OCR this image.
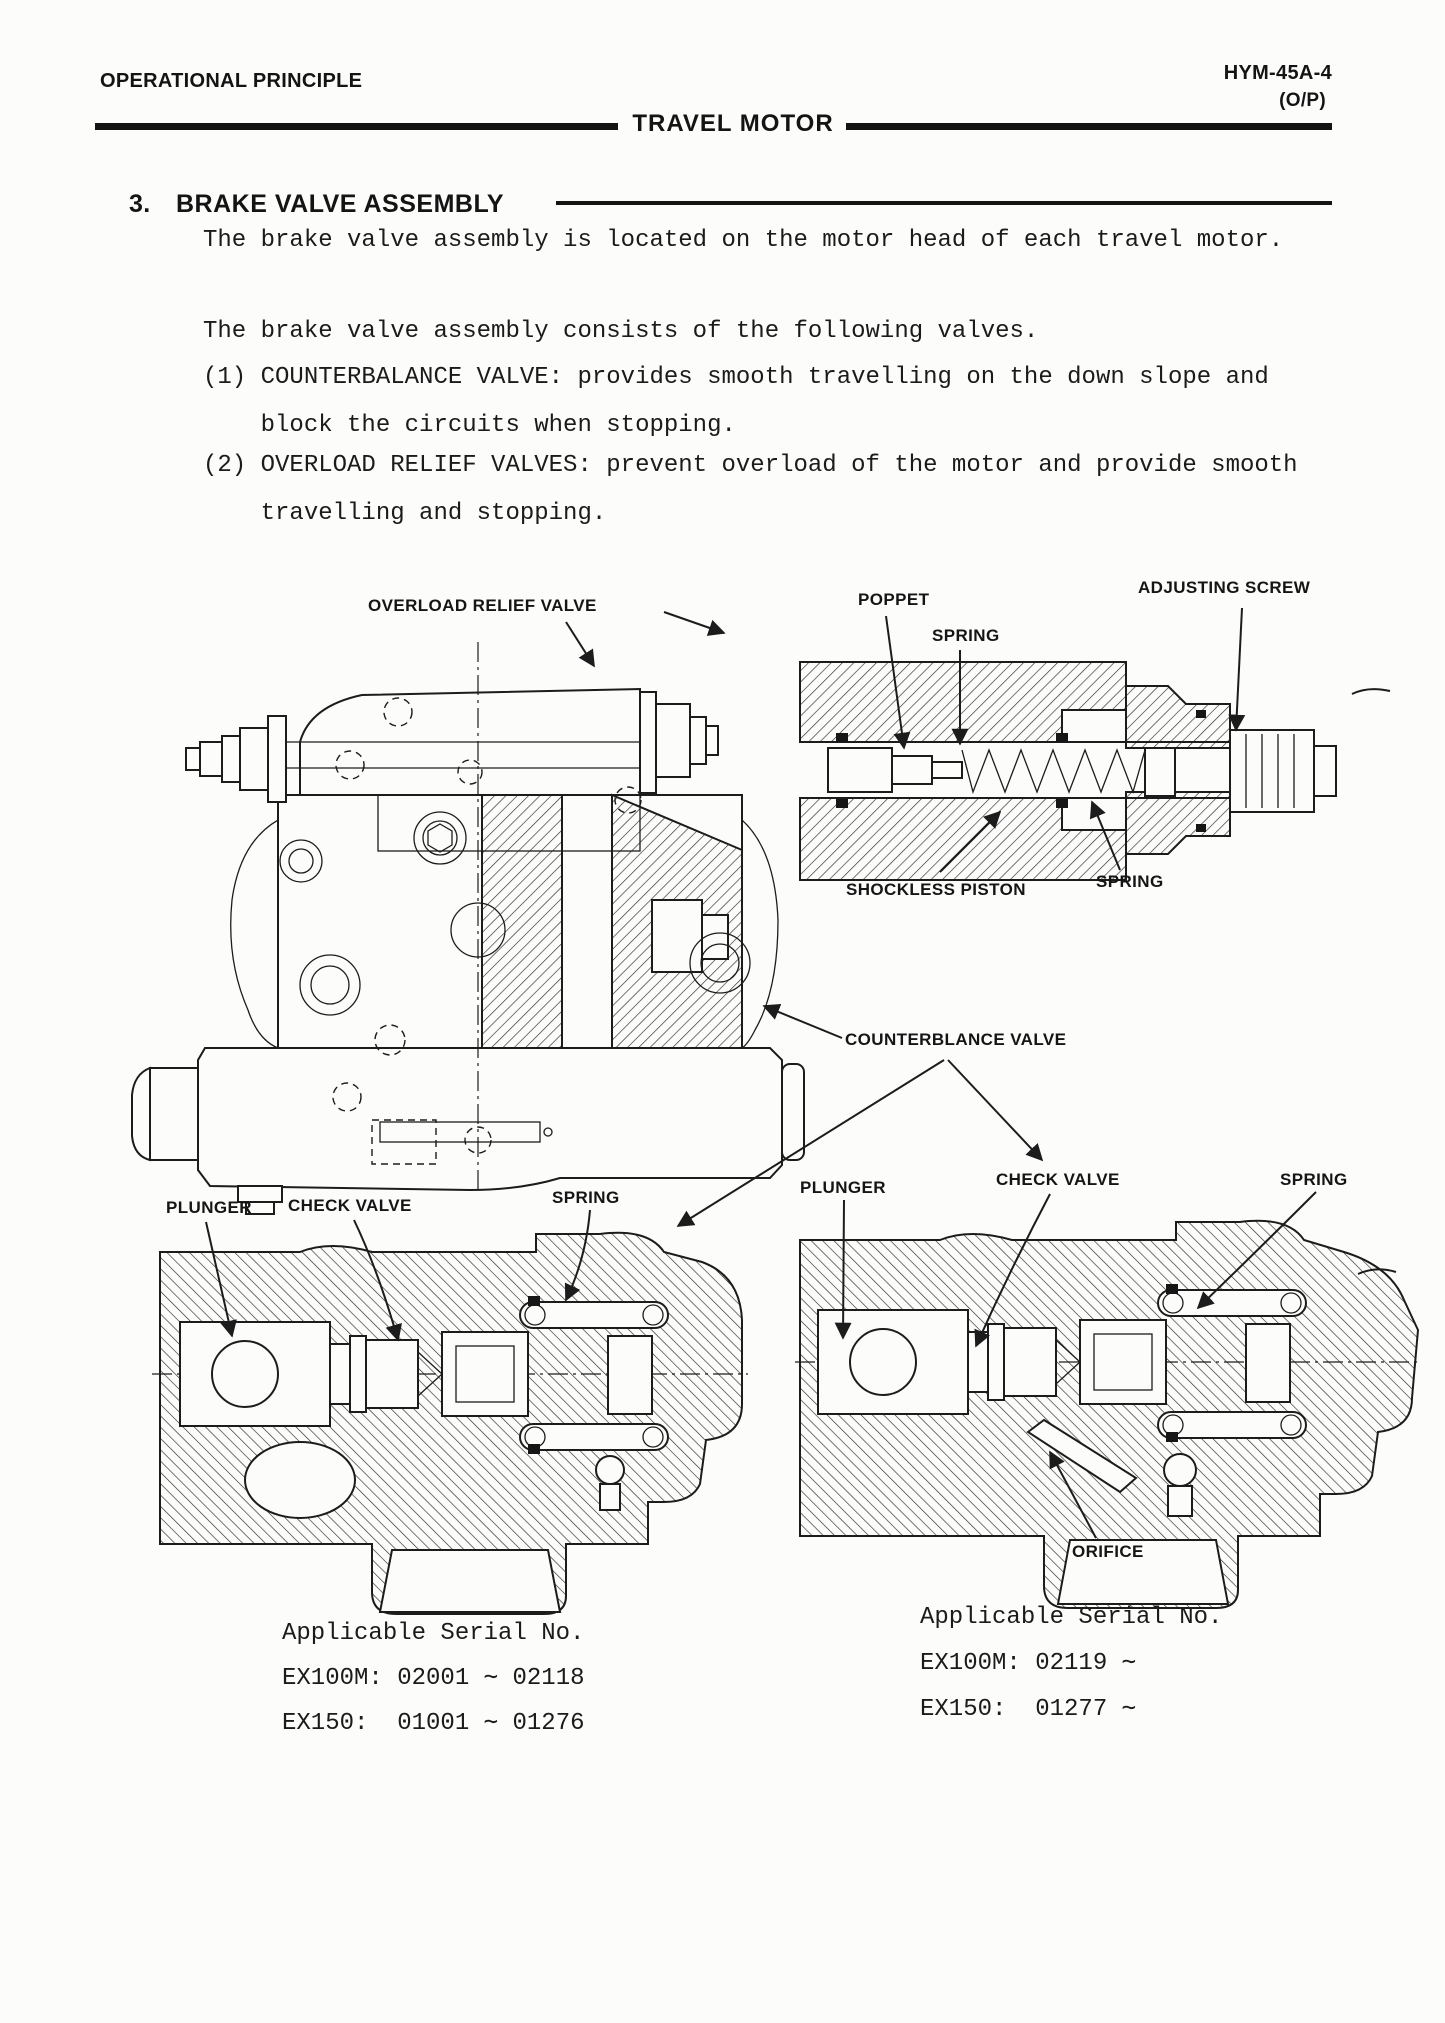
OPERATIONAL PRINCIPLE	HYM-45A-4
(O/P)
TRAVEL MOTOR
3. BRAKE VALVE ASSEMBLY
The brake valve assembly is located on the motor head of each travel motor.
The brake valve assembly consists of the following valves.
(1) COUNTERBALANCE VALVE: provides smooth travelling on the down slope and
block the circuits when stopping.
(2) OVERLOAD RELIEF VALVES: prevent overload of the motor and provide smooth
travelling and stopping.
OVERLOAD RELIEF VALVE	POPPET
SPRING
ADJUSTING SCREW
SHOCKLESS PISTON	SPRING
COUNTERBLANCE VALVE
PLUNGER CHECK VALVE	SPRING
PLUNGER	CHECK VALVE	SPRING
ORIFICE
Applicable Serial No.
EX100M: 02001 ∼ 02118
EX150:  01001 ∼ 01276
Applicable Serial No.
EX100M: 02119 ∼
EX150:  01277 ∼
